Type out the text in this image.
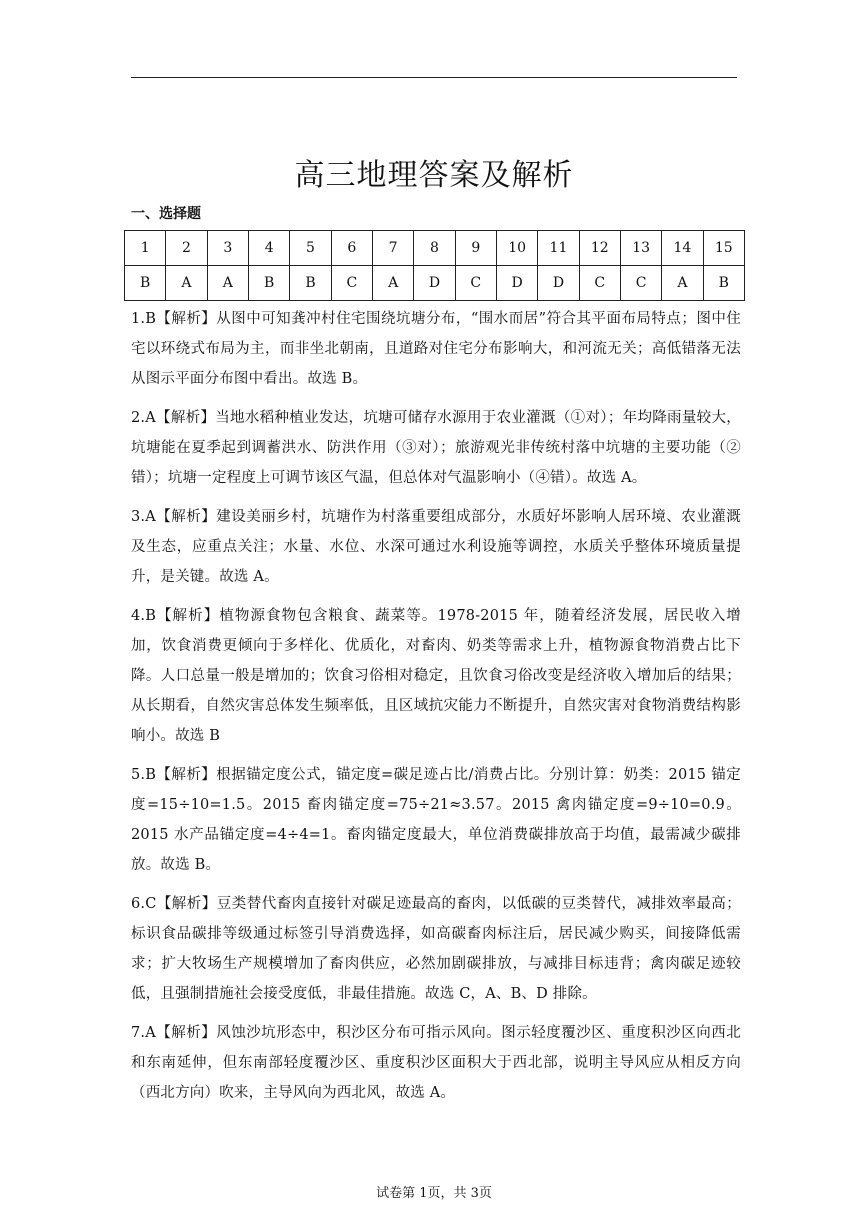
高三地理答案及解析
一、选择题
1	2	3	4	5	6	7	8	9	10	11	12	13	14	15
B	A	A	B	B	C	A	D	C	D	D	C	C	A	B

1.B【解析】从图中可知龚冲村住宅围绕坑塘分布，“围水而居”符合其平面布局特点；图中住宅以环绕式布局为主，而非坐北朝南，且道路对住宅分布影响大，和河流无关；高低错落无法从图示平面分布图中看出。故选 B。

2.A【解析】当地水稻种植业发达，坑塘可储存水源用于农业灌溉（①对）；年均降雨量较大，坑塘能在夏季起到调蓄洪水、防洪作用（③对）；旅游观光非传统村落中坑塘的主要功能（②错）；坑塘一定程度上可调节该区气温，但总体对气温影响小（④错）。故选 A。

3.A【解析】建设美丽乡村，坑塘作为村落重要组成部分，水质好坏影响人居环境、农业灌溉及生态，应重点关注；水量、水位、水深可通过水利设施等调控，水质关乎整体环境质量提升，是关键。故选 A。

4.B【解析】植物源食物包含粮食、蔬菜等。1978-2015 年，随着经济发展，居民收入增加，饮食消费更倾向于多样化、优质化，对畜肉、奶类等需求上升，植物源食物消费占比下降。人口总量一般是增加的；饮食习俗相对稳定，且饮食习俗改变是经济收入增加后的结果；从长期看，自然灾害总体发生频率低，且区域抗灾能力不断提升，自然灾害对食物消费结构影响小。故选 B

5.B【解析】根据锚定度公式，锚定度=碳足迹占比/消费占比。分别计算：奶类：2015 锚定度=15÷10=1.5。2015 畜肉锚定度=75÷21≈3.57。2015 禽肉锚定度=9÷10=0.9。2015 水产品锚定度=4÷4=1。畜肉锚定度最大，单位消费碳排放高于均值，最需减少碳排放。故选 B。

6.C【解析】豆类替代畜肉直接针对碳足迹最高的畜肉，以低碳的豆类替代，减排效率最高；标识食品碳排等级通过标签引导消费选择，如高碳畜肉标注后，居民减少购买，间接降低需求；扩大牧场生产规模增加了畜肉供应，必然加剧碳排放，与减排目标违背；禽肉碳足迹较低，且强制措施社会接受度低，非最佳措施。故选 C，A、B、D 排除。

7.A【解析】风蚀沙坑形态中，积沙区分布可指示风向。图示轻度覆沙区、重度积沙区向西北和东南延伸，但东南部轻度覆沙区、重度积沙区面积大于西北部，说明主导风应从相反方向（西北方向）吹来，主导风向为西北风，故选 A。

试卷第 1页，共 3页
